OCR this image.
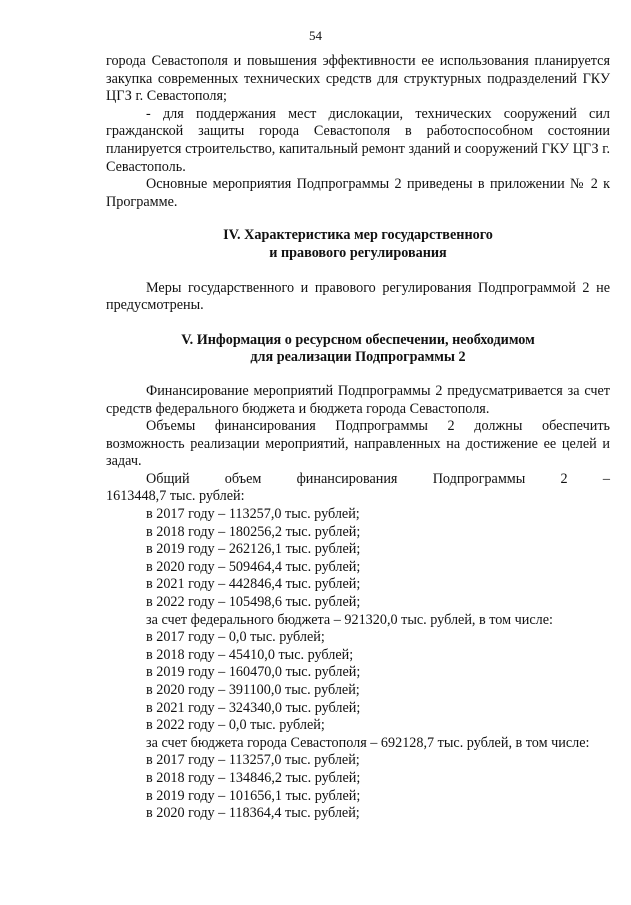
54

города Севастополя и повышения эффективности ее использования планируется закупка современных технических средств для структурных подразделений ГКУ ЦГЗ г. Севастополя;

- для поддержания мест дислокации, технических сооружений сил гражданской защиты города Севастополя в работоспособном состоянии планируется строительство, капитальный ремонт зданий и сооружений ГКУ ЦГЗ г. Севастополь.

Основные мероприятия Подпрограммы 2 приведены в приложении № 2 к Программе.

IV. Характеристика мер государственного

и правового регулирования

Меры государственного и правового регулирования Подпрограммой 2 не предусмотрены.

V. Информация о ресурсном обеспечении, необходимом

для реализации Подпрограммы 2

Финансирование мероприятий Подпрограммы 2 предусматривается за счет средств федерального бюджета и бюджета города Севастополя.

Объемы финансирования Подпрограммы 2 должны обеспечить возможность реализации мероприятий, направленных на достижение ее целей и задач.

Общий объем финансирования Подпрограммы 2 –

1613448,7 тыс. рублей:

в 2017 году – 113257,0 тыс. рублей;

в 2018 году – 180256,2 тыс. рублей;

в 2019 году – 262126,1 тыс. рублей;

в 2020 году – 509464,4 тыс. рублей;

в 2021 году – 442846,4 тыс. рублей;

в 2022 году – 105498,6 тыс. рублей;

за счет федерального бюджета – 921320,0 тыс. рублей, в том числе:

в 2017 году – 0,0 тыс. рублей;

в 2018 году – 45410,0 тыс. рублей;

в 2019 году – 160470,0 тыс. рублей;

в 2020 году – 391100,0 тыс. рублей;

в 2021 году – 324340,0 тыс. рублей;

в 2022 году – 0,0 тыс. рублей;

за счет бюджета города Севастополя – 692128,7 тыс. рублей, в том числе:

в 2017 году – 113257,0 тыс. рублей;

в 2018 году – 134846,2 тыс. рублей;

в 2019 году – 101656,1 тыс. рублей;

в 2020 году – 118364,4 тыс. рублей;
